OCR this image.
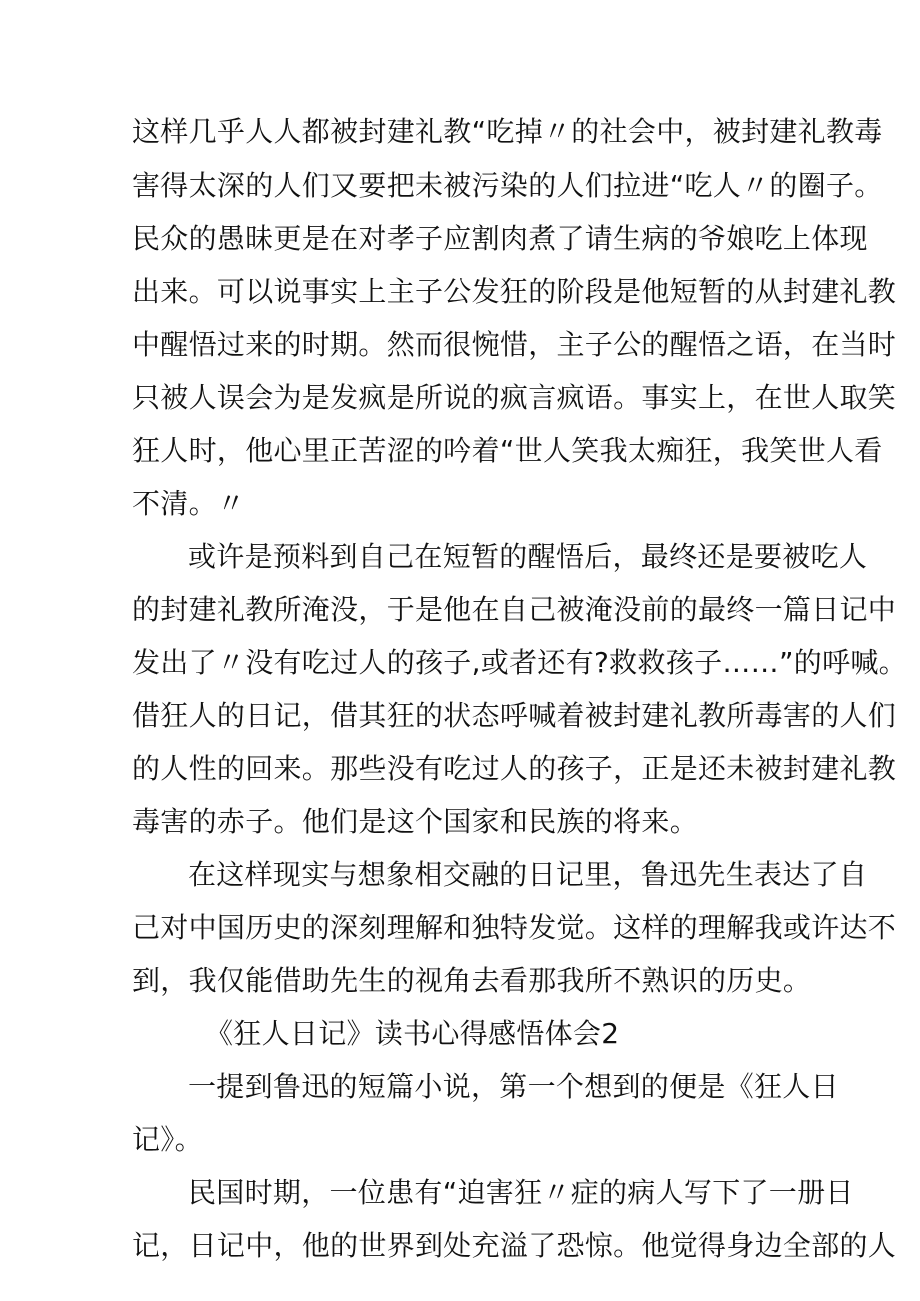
这样几乎人人都被封建礼教“吃掉〃的社会中，被封建礼教毒
害得太深的人们又要把未被污染的人们拉进“吃人〃的圈子。
民众的愚昧更是在对孝子应割肉煮了请生病的爷娘吃上体现
出来。可以说事实上主子公发狂的阶段是他短暂的从封建礼教
中醒悟过来的时期。然而很惋惜，主子公的醒悟之语，在当时
只被人误会为是发疯是所说的疯言疯语。事实上，在世人取笑
狂人时，他心里正苦涩的吟着“世人笑我太痴狂，我笑世人看
不清。〃
或许是预料到自己在短暂的醒悟后，最终还是要被吃人
的封建礼教所淹没，于是他在自己被淹没前的最终一篇日记中
发出了〃没有吃过人的孩子,或者还有?救救孩子……”的呼喊。
借狂人的日记，借其狂的状态呼喊着被封建礼教所毒害的人们
的人性的回来。那些没有吃过人的孩子，正是还未被封建礼教
毒害的赤子。他们是这个国家和民族的将来。
在这样现实与想象相交融的日记里，鲁迅先生表达了自
己对中国历史的深刻理解和独特发觉。这样的理解我或许达不
到，我仅能借助先生的视角去看那我所不熟识的历史。
《狂人日记》读书心得感悟体会2
一提到鲁迅的短篇小说，第一个想到的便是《狂人日
记》。
民国时期，一位患有“迫害狂〃症的病人写下了一册日
记，日记中，他的世界到处充溢了恐惊。他觉得身边全部的人
